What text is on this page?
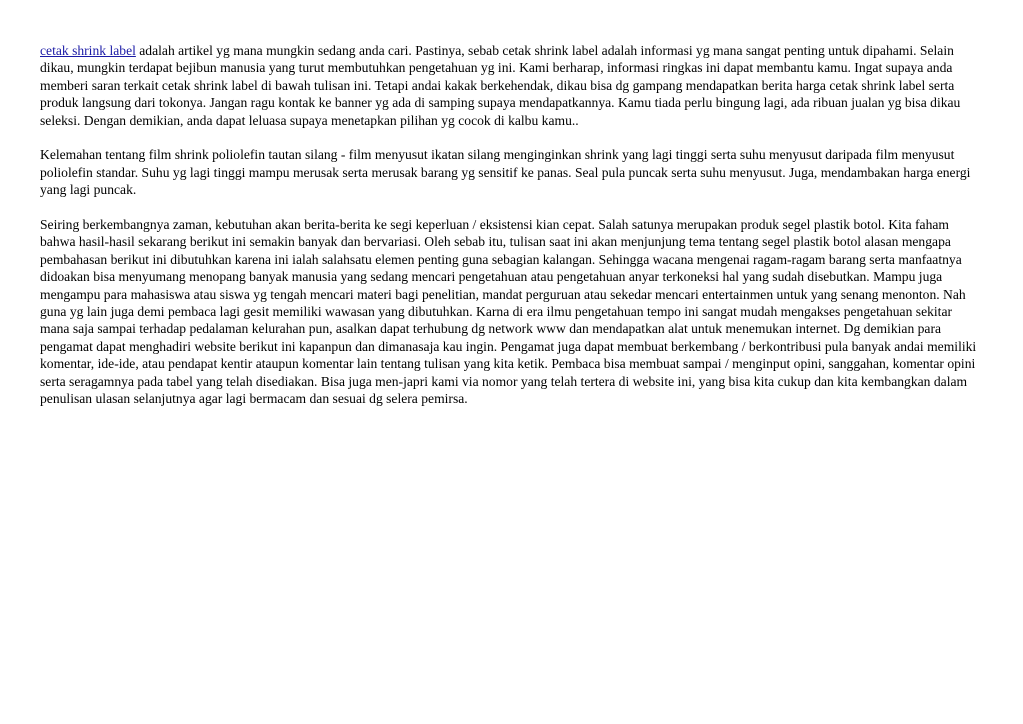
cetak shrink label adalah artikel yg mana mungkin sedang anda cari. Pastinya, sebab cetak shrink label adalah informasi yg mana sangat penting untuk dipahami. Selain dikau, mungkin terdapat bejibun manusia yang turut membutuhkan pengetahuan yg ini. Kami berharap, informasi ringkas ini dapat membantu kamu. Ingat supaya anda memberi saran terkait cetak shrink label di bawah tulisan ini. Tetapi andai kakak berkehendak, dikau bisa dg gampang mendapatkan berita harga cetak shrink label serta produk langsung dari tokonya. Jangan ragu kontak ke banner yg ada di samping supaya mendapatkannya. Kamu tiada perlu bingung lagi, ada ribuan jualan yg bisa dikau seleksi. Dengan demikian, anda dapat leluasa supaya menetapkan pilihan yg cocok di kalbu kamu..

Kelemahan tentang film shrink poliolefin tautan silang - film menyusut ikatan silang menginginkan shrink yang lagi tinggi serta suhu menyusut daripada film menyusut poliolefin standar. Suhu yg lagi tinggi mampu merusak serta merusak barang yg sensitif ke panas. Seal pula puncak serta suhu menyusut. Juga, mendambakan harga energi yang lagi puncak.

Seiring berkembangnya zaman, kebutuhan akan berita-berita ke segi keperluan / eksistensi kian cepat. Salah satunya merupakan produk segel plastik botol. Kita faham bahwa hasil-hasil sekarang berikut ini semakin banyak dan bervariasi. Oleh sebab itu, tulisan saat ini akan menjunjung tema tentang segel plastik botol alasan mengapa pembahasan berikut ini dibutuhkan karena ini ialah salahsatu elemen penting guna sebagian kalangan. Sehingga wacana mengenai ragam-ragam barang serta manfaatnya didoakan bisa menyumang menopang banyak manusia yang sedang mencari pengetahuan atau pengetahuan anyar terkoneksi hal yang sudah disebutkan. Mampu juga mengampu para mahasiswa atau siswa yg tengah mencari materi bagi penelitian, mandat perguruan atau sekedar mencari entertainmen untuk yang senang menonton. Nah guna yg lain juga demi pembaca lagi gesit memiliki wawasan yang dibutuhkan. Karna di era ilmu pengetahuan tempo ini sangat mudah mengakses pengetahuan sekitar mana saja sampai terhadap pedalaman kelurahan pun, asalkan dapat terhubung dg network www dan mendapatkan alat untuk menemukan internet. Dg demikian para pengamat dapat menghadiri website berikut ini kapanpun dan dimanasaja kau ingin. Pengamat juga dapat membuat berkembang / berkontribusi pula banyak andai memiliki komentar, ide-ide, atau pendapat kentir ataupun komentar lain tentang tulisan yang kita ketik. Pembaca bisa membuat sampai / menginput opini, sanggahan, komentar opini serta seragamnya pada tabel yang telah disediakan. Bisa juga men-japri kami via nomor yang telah tertera di website ini, yang bisa kita cukup dan kita kembangkan dalam penulisan ulasan selanjutnya agar lagi bermacam dan sesuai dg selera pemirsa.
